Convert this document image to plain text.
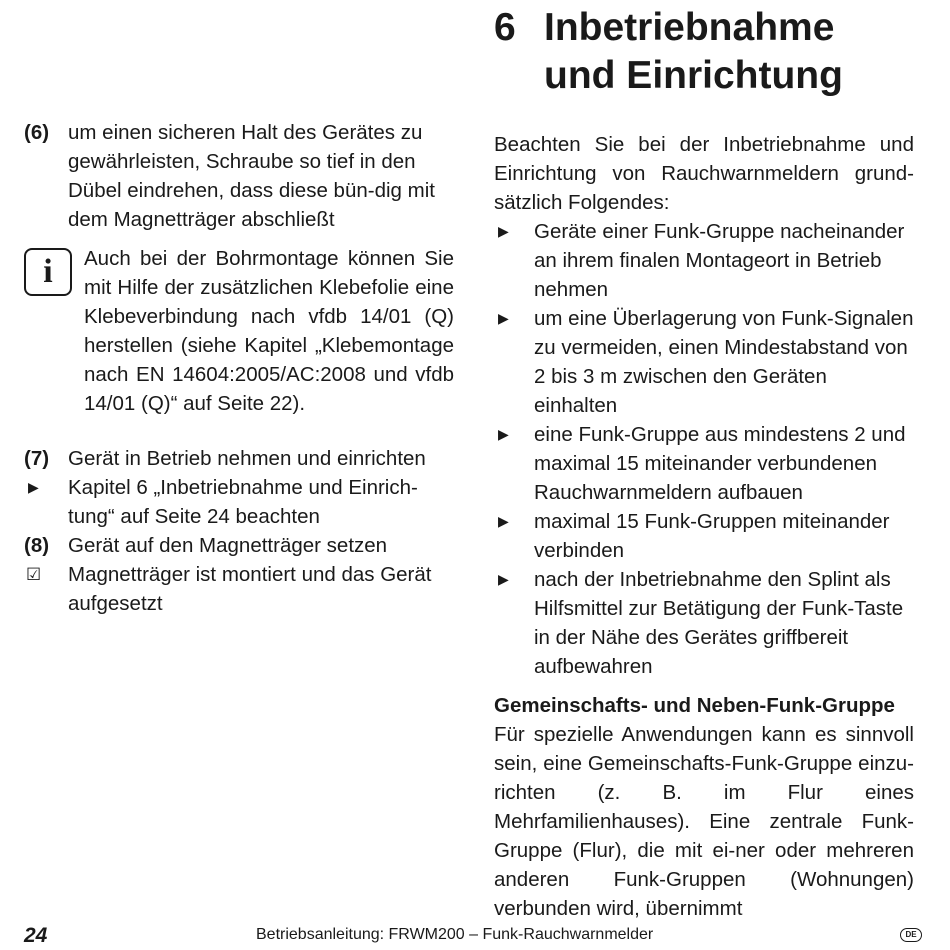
(6) um einen sicheren Halt des Gerätes zu gewährleisten, Schraube so tief in den Dübel eindrehen, dass diese bün-dig mit dem Magnetträger abschließt
i	Auch bei der Bohrmontage können Sie mit Hilfe der zusätzlichen Klebefolie eine Klebeverbindung nach vfdb 14/01 (Q) herstellen (siehe Kapitel „Klebemontage nach EN 14604:2005/AC:2008 und vfdb 14/01 (Q)“ auf Seite 22).
(7) Gerät in Betrieb nehmen und einrichten
▶	Kapitel 6 „Inbetriebnahme und Einrich-tung“ auf Seite 24 beachten
(8) Gerät auf den Magnetträger setzen
☑	Magnetträger ist montiert und das Gerät aufgesetzt
6 Inbetriebnahme
und Einrichtung
Beachten Sie bei der Inbetriebnahme und Einrichtung von Rauchwarnmeldern grund-sätzlich Folgendes:
▶	Geräte einer Funk-Gruppe nacheinander an ihrem finalen Montageort in Betrieb nehmen
▶	um eine Überlagerung von Funk-Signalen zu vermeiden, einen Mindestabstand von 2 bis 3 m zwischen den Geräten einhalten
▶	eine Funk-Gruppe aus mindestens 2 und maximal 15 miteinander verbundenen Rauchwarnmeldern aufbauen
▶	maximal 15 Funk-Gruppen miteinander verbinden
▶	nach der Inbetriebnahme den Splint als Hilfsmittel zur Betätigung der Funk-Taste in der Nähe des Gerätes griffbereit aufbewahren
Gemeinschafts- und Neben-Funk-Gruppe
Für spezielle Anwendungen kann es sinnvoll sein, eine Gemeinschafts-Funk-Gruppe einzu-richten (z. B. im Flur eines Mehrfamilienhauses). Eine zentrale Funk-Gruppe (Flur), die mit ei-ner oder mehreren anderen Funk-Gruppen (Wohnungen) verbunden wird, übernimmt
24	Betriebsanleitung: FRWM200 – Funk-Rauchwarnmelder	DE
